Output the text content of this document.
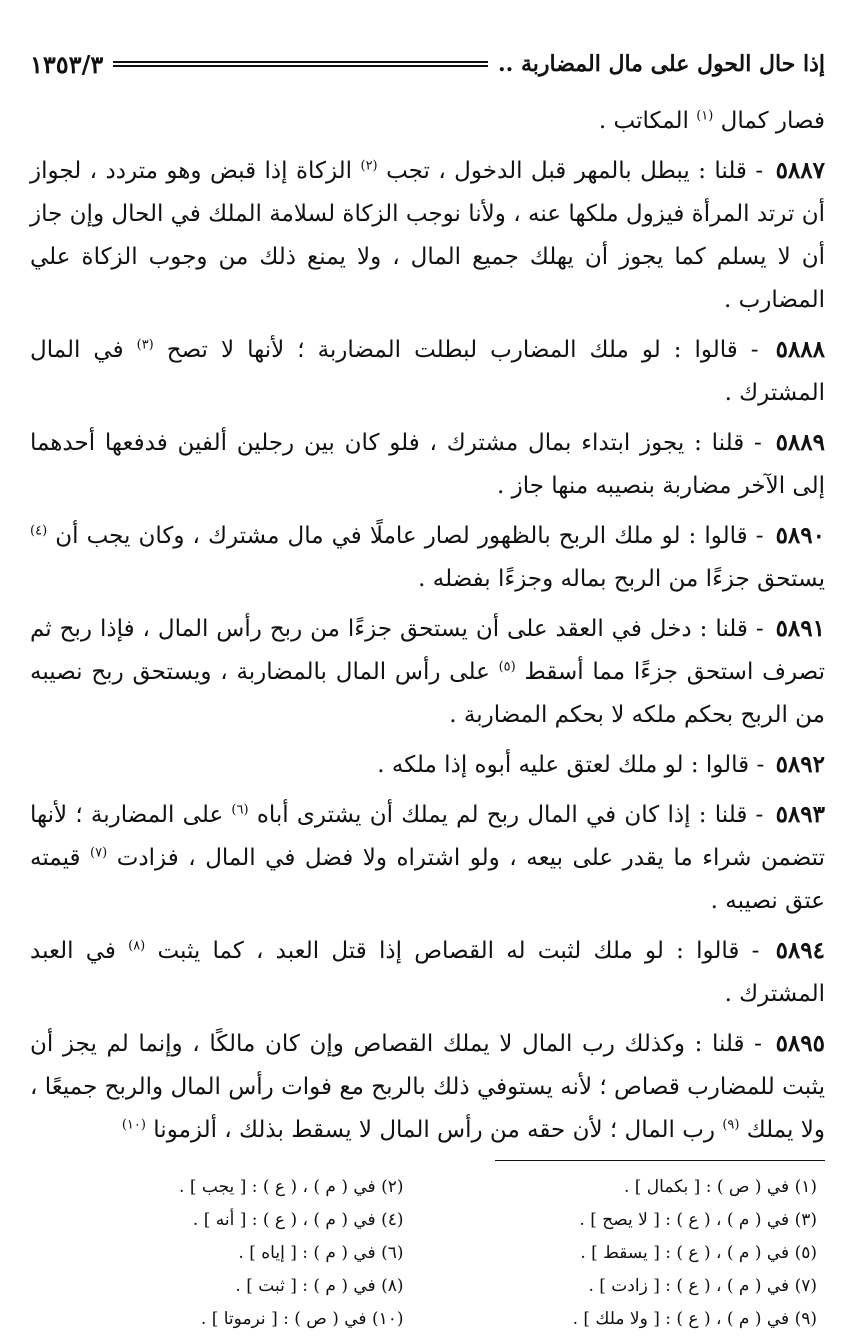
إذا حال الحول على مال المضاربة ..
١٣٥٣/٣

فصار كمال $^{(١)}$ المكاتب .

٥٨٨٧ - قلنا : يبطل بالمهر قبل الدخول ، تجب $^{(٢)}$ الزكاة إذا قبض وهو متردد ، لجواز أن ترتد المرأة فيزول ملكها عنه ، ولأنا نوجب الزكاة لسلامة الملك في الحال وإن جاز أن لا يسلم كما يجوز أن يهلك جميع المال ، ولا يمنع ذلك من وجوب الزكاة علي المضارب .

٥٨٨٨ - قالوا : لو ملك المضارب لبطلت المضاربة ؛ لأنها لا تصح $^{(٣)}$ في المال المشترك .

٥٨٨٩ - قلنا : يجوز ابتداء بمال مشترك ، فلو كان بين رجلين ألفين فدفعها أحدهما إلى الآخر مضاربة بنصيبه منها جاز .

٥٨٩٠ - قالوا : لو ملك الربح بالظهور لصار عاملًا في مال مشترك ، وكان يجب أن $^{(٤)}$ يستحق جزءًا من الربح بماله وجزءًا بفضله .

٥٨٩١ - قلنا : دخل في العقد على أن يستحق جزءًا من ربح رأس المال ، فإذا ربح ثم تصرف استحق جزءًا مما أسقط $^{(٥)}$ على رأس المال بالمضاربة ، ويستحق ربح نصيبه من الربح بحكم ملكه لا بحكم المضاربة .

٥٨٩٢ - قالوا : لو ملك لعتق عليه أبوه إذا ملكه .

٥٨٩٣ - قلنا : إذا كان في المال ربح لم يملك أن يشترى أباه $^{(٦)}$ على المضاربة ؛ لأنها تتضمن شراء ما يقدر على بيعه ، ولو اشتراه ولا فضل في المال ، فزادت $^{(٧)}$ قيمته عتق نصيبه .

٥٨٩٤ - قالوا : لو ملك لثبت له القصاص إذا قتل العبد ، كما يثبت $^{(٨)}$ في العبد المشترك .

٥٨٩٥ - قلنا : وكذلك رب المال لا يملك القصاص وإن كان مالكًا ، وإنما لم يجز أن يثبت للمضارب قصاص ؛ لأنه يستوفي ذلك بالربح مع فوات رأس المال والربح جميعًا ، ولا يملك $^{(٩)}$ رب المال ؛ لأن حقه من رأس المال لا يسقط بذلك ، ألزمونا $^{(١٠)}$

(١) في ( ص ) : [ بكمال ] .
(٢) في ( م ) ، ( ع ) : [ يجب ] .
(٣) في ( م ) ، ( ع ) : [ لا يصح ] .
(٤) في ( م ) ، ( ع ) : [ أنه ] .
(٥) في ( م ) ، ( ع ) : [ يسقط ] .
(٦) في ( م ) : [ إياه ] .
(٧) في ( م ) ، ( ع ) : [ زادت ] .
(٨) في ( م ) : [ ثبت ] .
(٩) في ( م ) ، ( ع ) : [ ولا ملك ] .
(١٠) في ( ص ) : [ نرموتا ] .
